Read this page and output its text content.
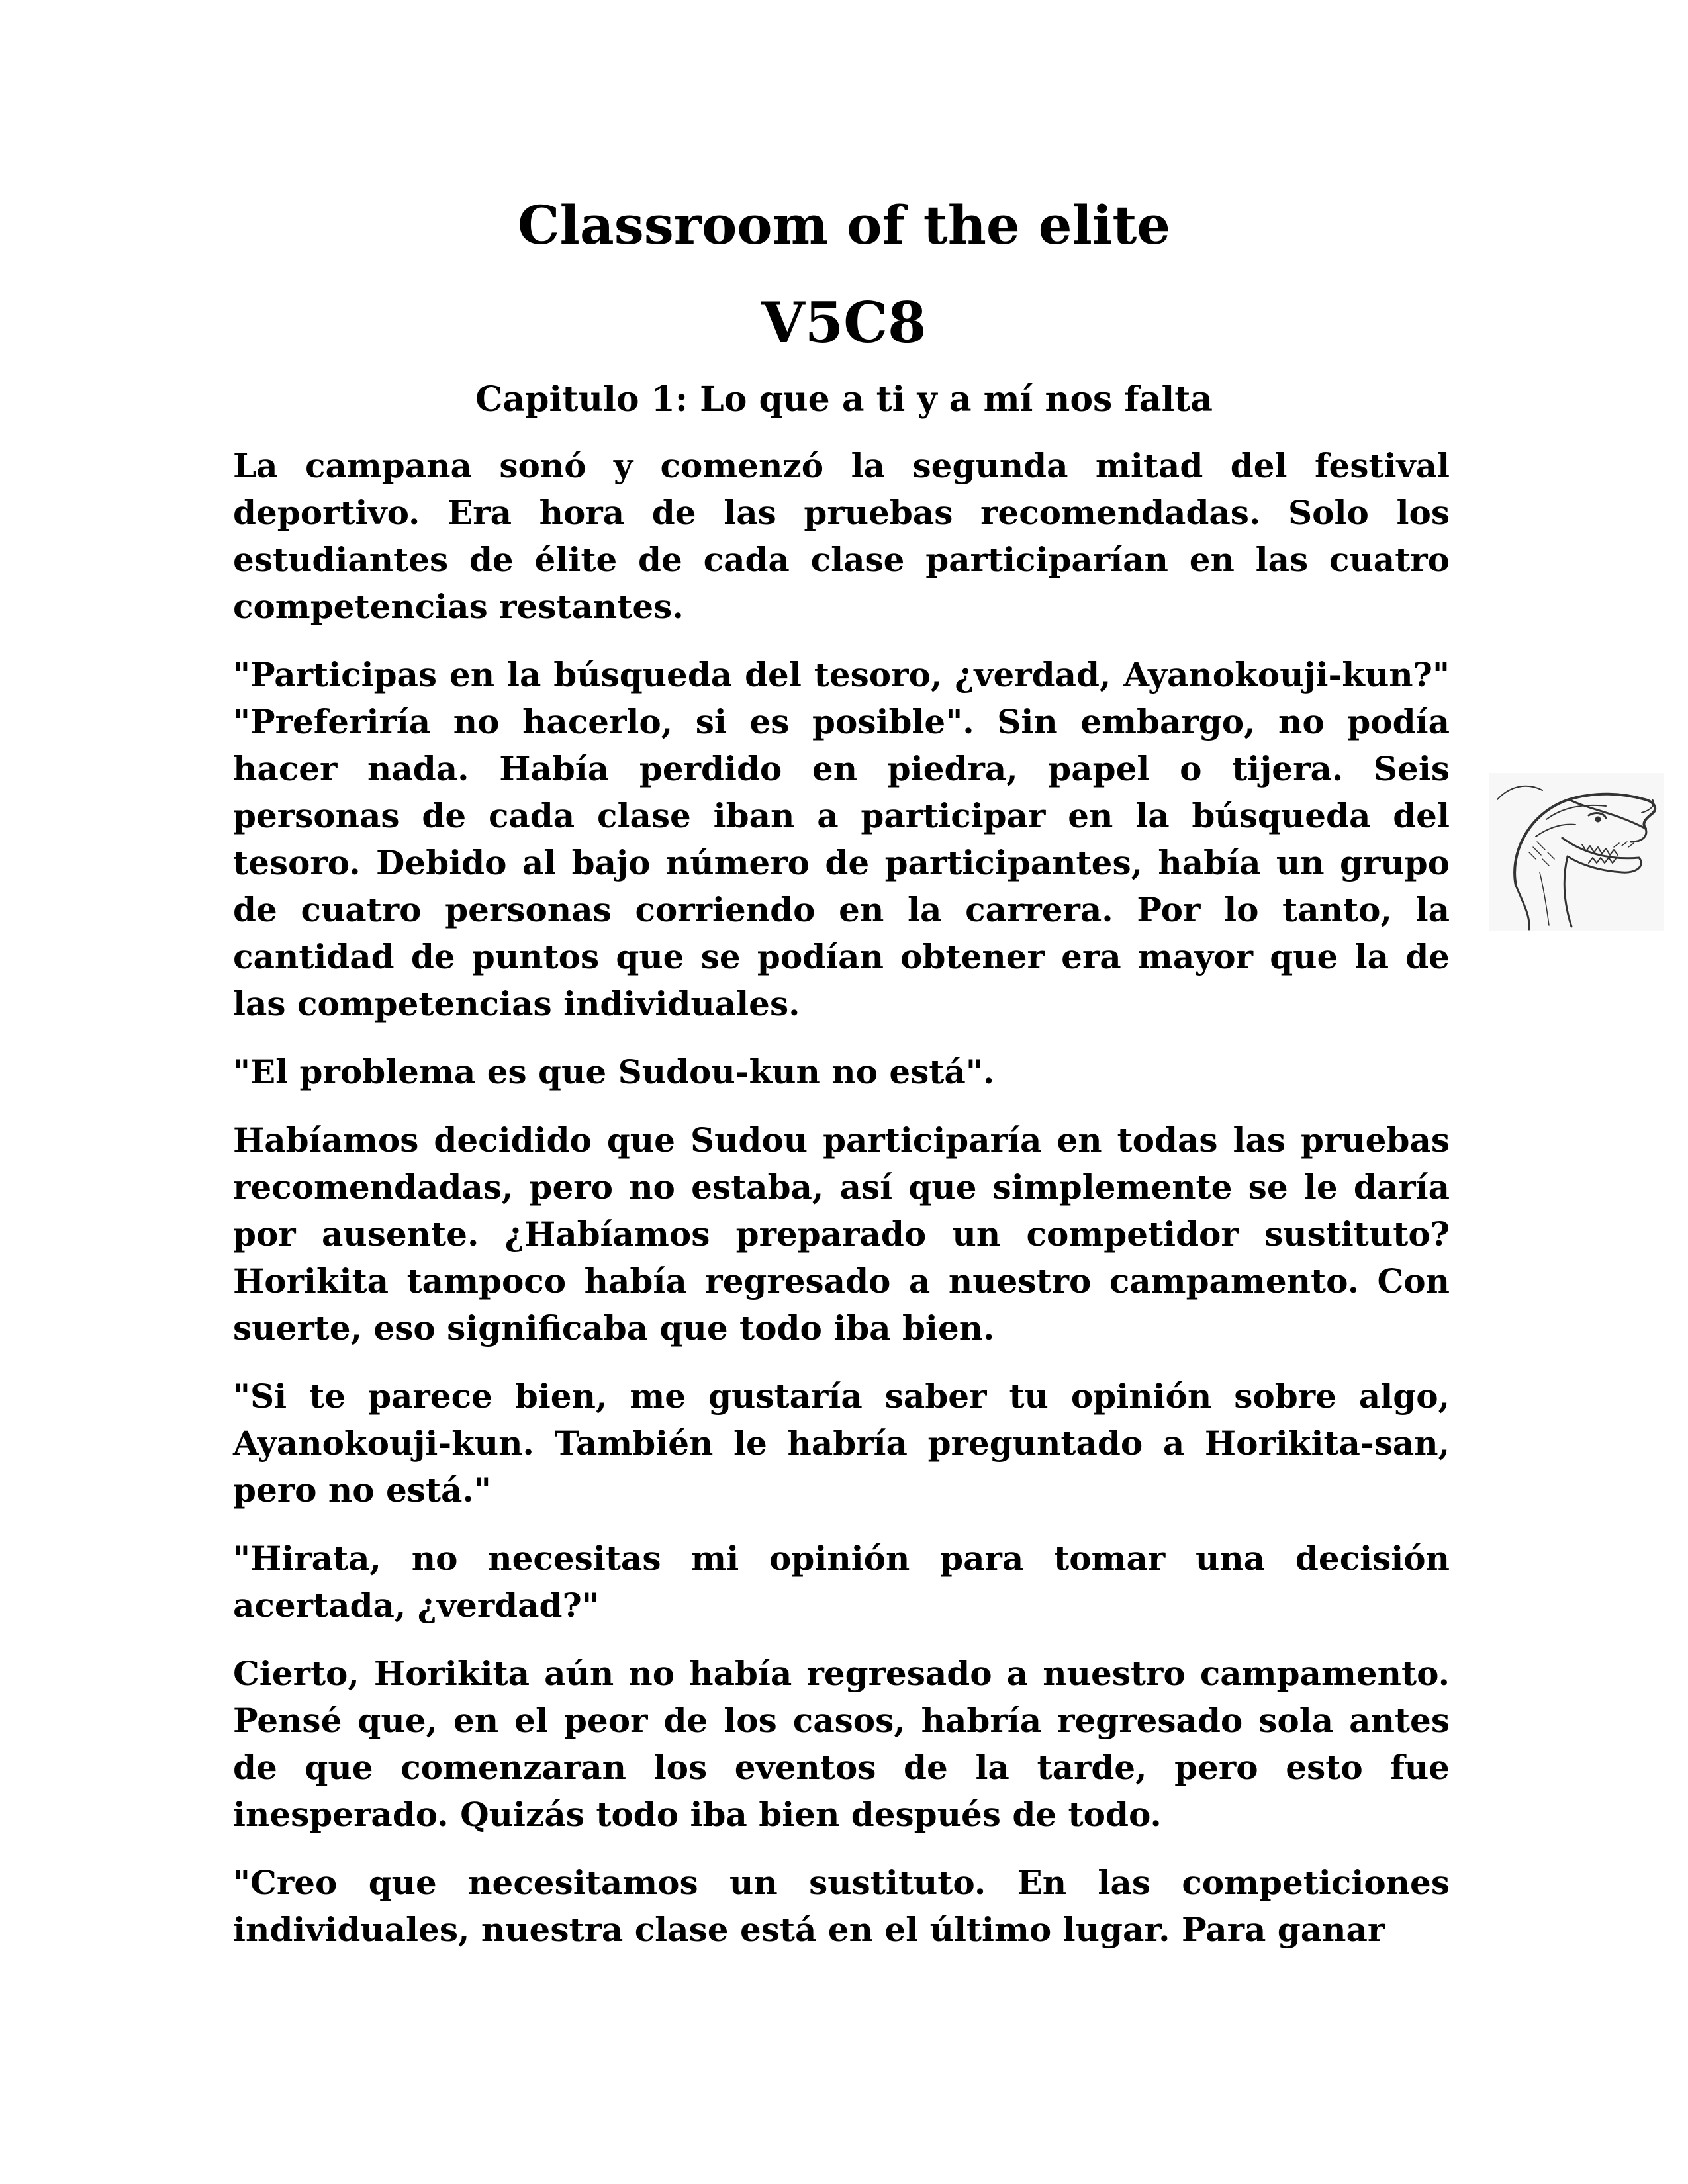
Classroom of the elite
V5C8
Capitulo 1: Lo que a ti y a mí nos falta

La campana sonó y comenzó la segunda mitad del festival deportivo. Era hora de las pruebas recomendadas. Solo los estudiantes de élite de cada clase participarían en las cuatro competencias restantes.

"Participas en la búsqueda del tesoro, ¿verdad, Ayanokouji-kun?" "Preferiría no hacerlo, si es posible". Sin embargo, no podía hacer nada. Había perdido en piedra, papel o tijera. Seis personas de cada clase iban a participar en la búsqueda del tesoro. Debido al bajo número de participantes, había un grupo de cuatro personas corriendo en la carrera. Por lo tanto, la cantidad de puntos que se podían obtener era mayor que la de las competencias individuales.

"El problema es que Sudou-kun no está".

Habíamos decidido que Sudou participaría en todas las pruebas recomendadas, pero no estaba, así que simplemente se le daría por ausente. ¿Habíamos preparado un competidor sustituto? Horikita tampoco había regresado a nuestro campamento. Con suerte, eso significaba que todo iba bien.

"Si te parece bien, me gustaría saber tu opinión sobre algo, Ayanokouji-kun. También le habría preguntado a Horikita-san, pero no está."

"Hirata, no necesitas mi opinión para tomar una decisión acertada, ¿verdad?"

Cierto, Horikita aún no había regresado a nuestro campamento. Pensé que, en el peor de los casos, habría regresado sola antes de que comenzaran los eventos de la tarde, pero esto fue inesperado. Quizás todo iba bien después de todo.

"Creo que necesitamos un sustituto. En las competiciones individuales, nuestra clase está en el último lugar. Para ganar
